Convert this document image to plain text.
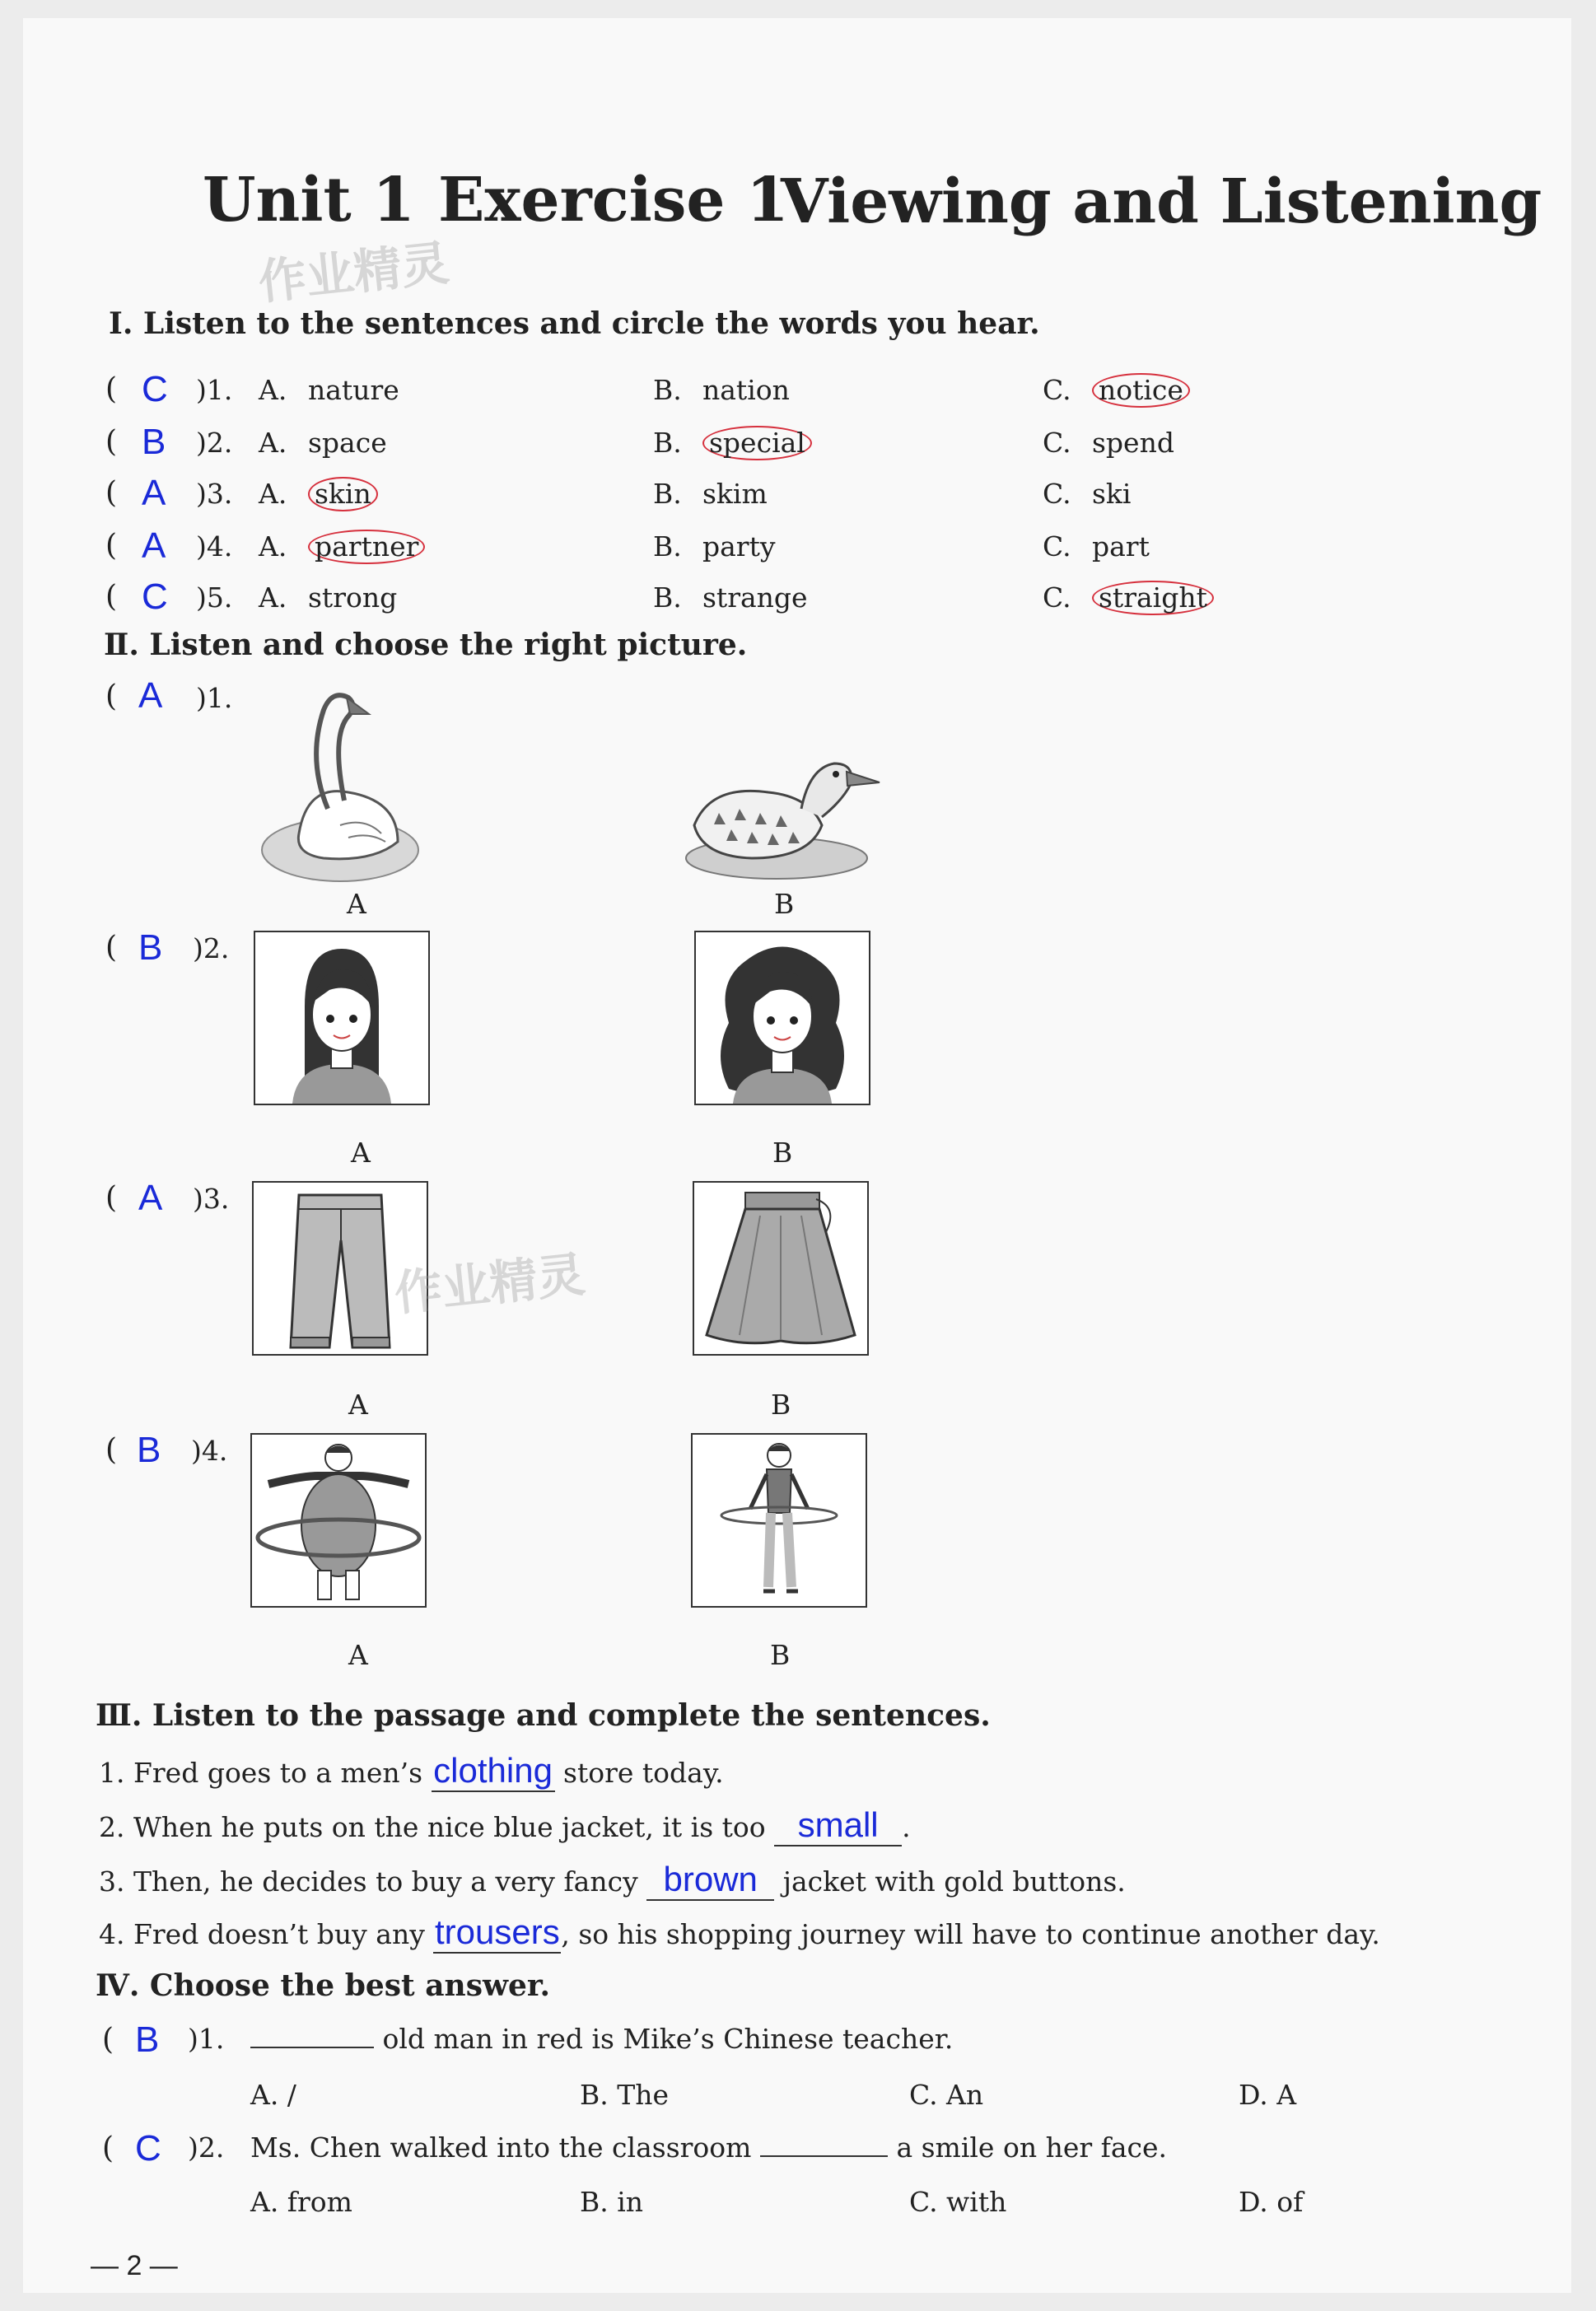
Unit 1 Exercise 1
Viewing and Listening
作业精灵
Ⅰ. Listen to the sentences and circle the words you hear.
( C )1. A. nature	B. nation	C. notice
( B )2. A. space	B. special	C. spend
( A )3. A. skin	B. skim	C. ski
( A )4. A. partner	B. party	C. part
( C )5. A. strong	B. strange	C. straight
Ⅱ. Listen and choose the right picture.
( A )1.
A	B
( B )2.
A	B
( A )3.
作业精灵
A	B
( B )4.
A	B
Ⅲ. Listen to the passage and complete the sentences.
1. Fred goes to a men’s clothing store today.
2. When he puts on the nice blue jacket, it is too small .
3. Then, he decides to buy a very fancy brown jacket with gold buttons.
4. Fred doesn’t buy any trousers, so his shopping journey will have to continue another day.
Ⅳ. Choose the best answer.
( B )1.	old man in red is Mike’s Chinese teacher.
A. /	B. The	C. An	D. A
( C )2. Ms. Chen walked into the classroom	a smile on her face.
A. from	B. in	C. with	D. of
— 2 —
